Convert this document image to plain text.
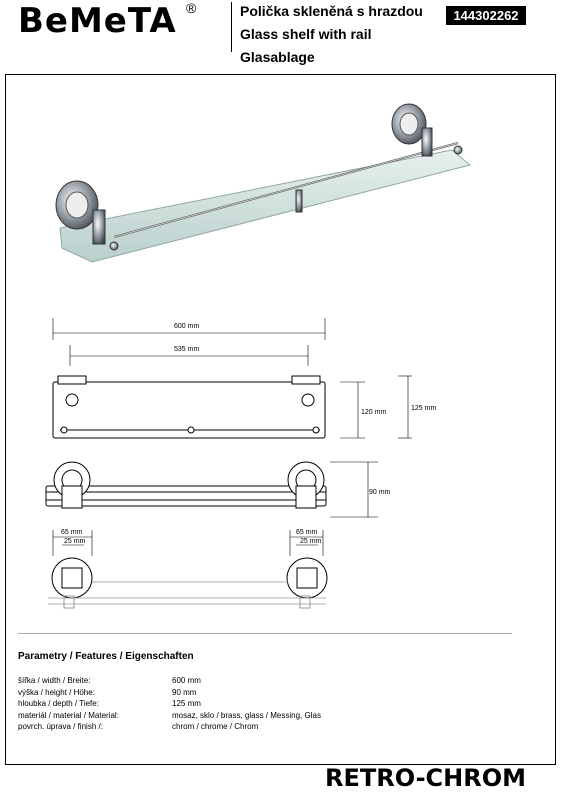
BeMeTA ®	Polička skleněná s hrazdou
Glass shelf with rail
Glasablage
144302262
600 mm
535 mm
120 mm
125 mm
90 mm
65 mm
25 mm
65 mm
25 mm
Parametry / Features / Eigenschaften
šířka / width / Breite:	600 mm
výška / height / Höhe:	90 mm
hloubka / depth / Tiefe:	125 mm
materiál / material / Material:	mosaz, sklo / brass, glass / Messing, Glas
povrch. úprava / finish /:	chrom / chrome / Chrom
RETRO-CHROM
